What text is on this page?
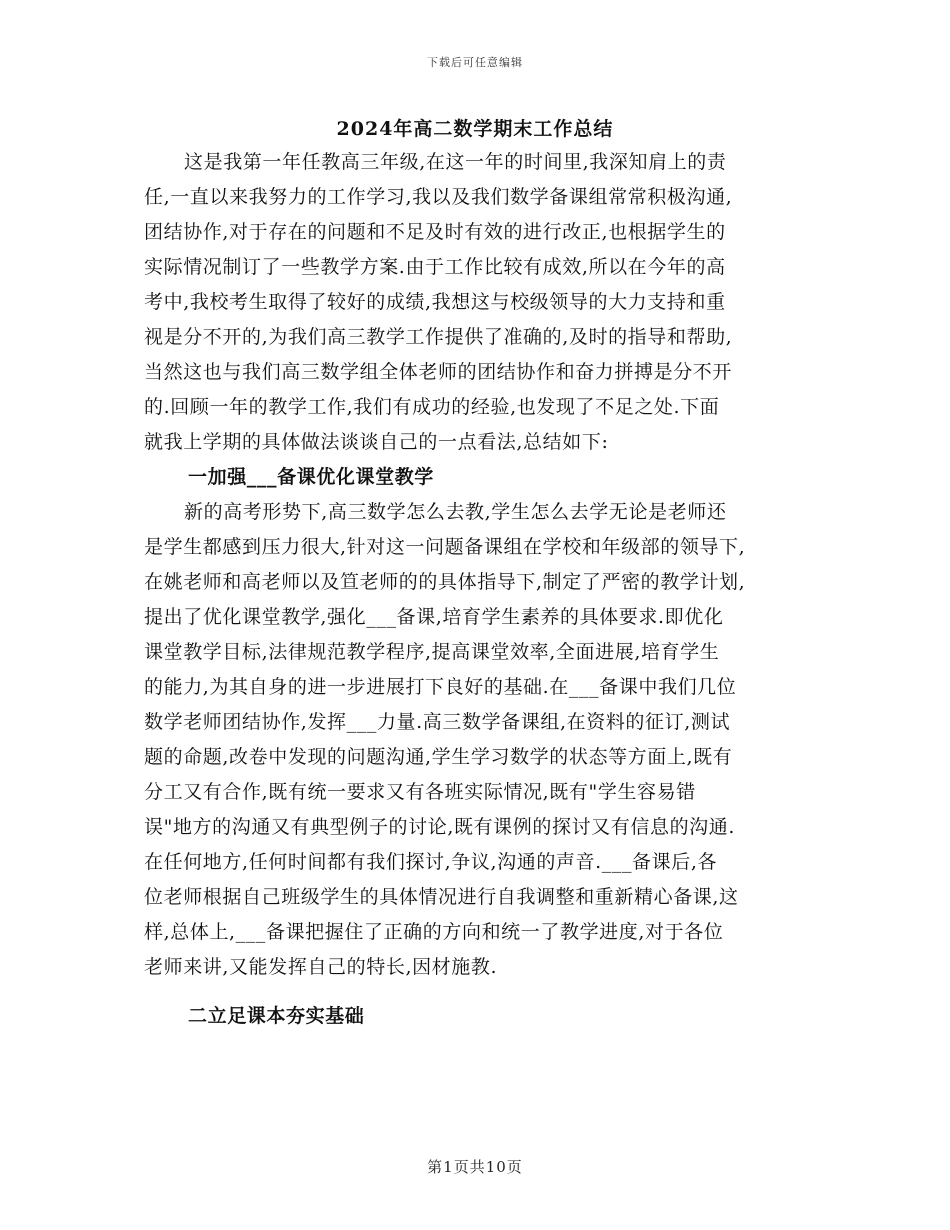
下载后可任意编辑
2024年高二数学期末工作总结
这是我第一年任教高三年级,在这一年的时间里,我深知肩上的责
任,一直以来我努力的工作学习,我以及我们数学备课组常常积极沟通,
团结协作,对于存在的问题和不足及时有效的进行改正,也根据学生的
实际情况制订了一些教学方案.由于工作比较有成效,所以在今年的高
考中,我校考生取得了较好的成绩,我想这与校级领导的大力支持和重
视是分不开的,为我们高三教学工作提供了准确的,及时的指导和帮助,
当然这也与我们高三数学组全体老师的团结协作和奋力拼搏是分不开
的.回顾一年的教学工作,我们有成功的经验,也发现了不足之处.下面
就我上学期的具体做法谈谈自己的一点看法,总结如下:
一加强___备课优化课堂教学
新的高考形势下,高三数学怎么去教,学生怎么去学无论是老师还
是学生都感到压力很大,针对这一问题备课组在学校和年级部的领导下,
在姚老师和高老师以及笪老师的的具体指导下,制定了严密的教学计划,
提出了优化课堂教学,强化___备课,培育学生素养的具体要求.即优化
课堂教学目标,法律规范教学程序,提高课堂效率,全面进展,培育学生
的能力,为其自身的进一步进展打下良好的基础.在___备课中我们几位
数学老师团结协作,发挥___力量.高三数学备课组,在资料的征订,测试
题的命题,改卷中发现的问题沟通,学生学习数学的状态等方面上,既有
分工又有合作,既有统一要求又有各班实际情况,既有"学生容易错
误"地方的沟通又有典型例子的讨论,既有课例的探讨又有信息的沟通.
在任何地方,任何时间都有我们探讨,争议,沟通的声音.___备课后,各
位老师根据自己班级学生的具体情况进行自我调整和重新精心备课,这
样,总体上,___备课把握住了正确的方向和统一了教学进度,对于各位
老师来讲,又能发挥自己的特长,因材施教.
二立足课本夯实基础
第1页共10页
